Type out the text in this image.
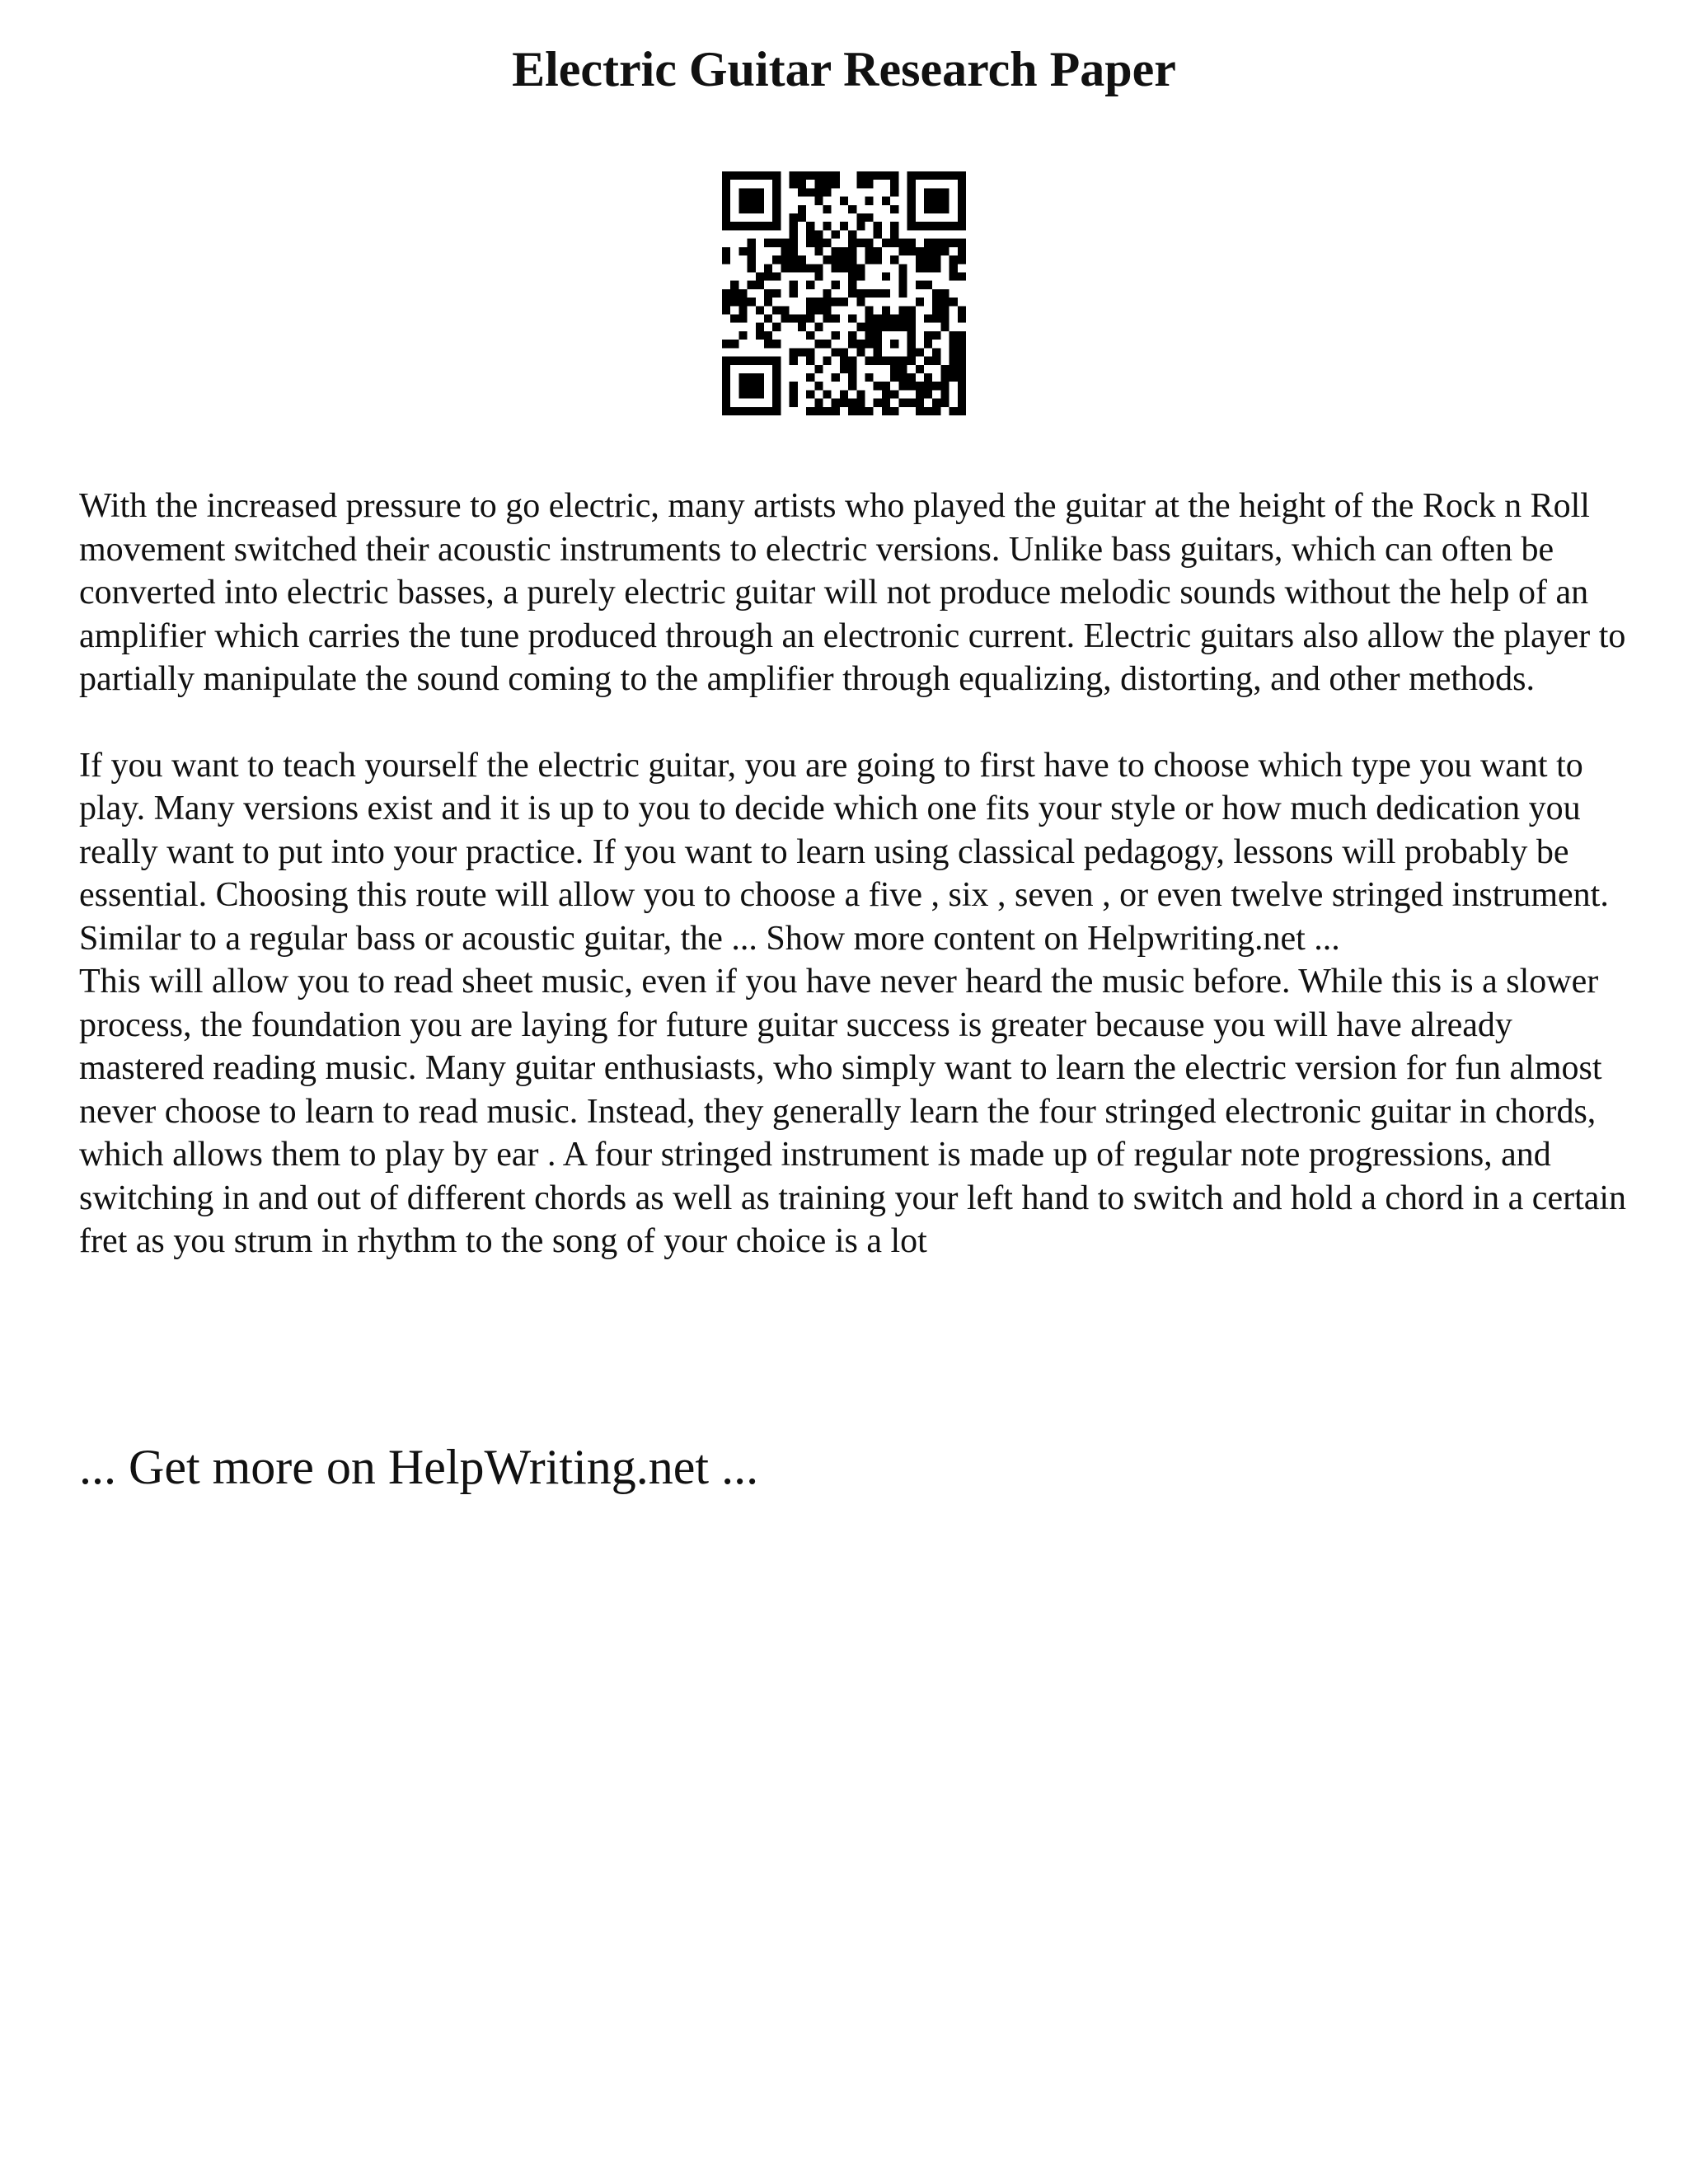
Electric Guitar Research Paper

With the increased pressure to go electric, many artists who played the guitar at the height of the Rock n Roll movement switched their acoustic instruments to electric versions. Unlike bass guitars, which can often be converted into electric basses, a purely electric guitar will not produce melodic sounds without the help of an amplifier which carries the tune produced through an electronic current. Electric guitars also allow the player to partially manipulate the sound coming to the amplifier through equalizing, distorting, and other methods.

If you want to teach yourself the electric guitar, you are going to first have to choose which type you want to play. Many versions exist and it is up to you to decide which one fits your style or how much dedication you really want to put into your practice. If you want to learn using classical pedagogy, lessons will probably be essential. Choosing this route will allow you to choose a five , six , seven , or even twelve stringed instrument. Similar to a regular bass or acoustic guitar, the ... Show more content on Helpwriting.net ...

This will allow you to read sheet music, even if you have never heard the music before. While this is a slower process, the foundation you are laying for future guitar success is greater because you will have already mastered reading music. Many guitar enthusiasts, who simply want to learn the electric version for fun almost never choose to learn to read music. Instead, they generally learn the four stringed electronic guitar in chords, which allows them to play by ear . A four stringed instrument is made up of regular note progressions, and switching in and out of different chords as well as training your left hand to switch and hold a chord in a certain fret as you strum in rhythm to the song of your choice is a lot

... Get more on HelpWriting.net ...
